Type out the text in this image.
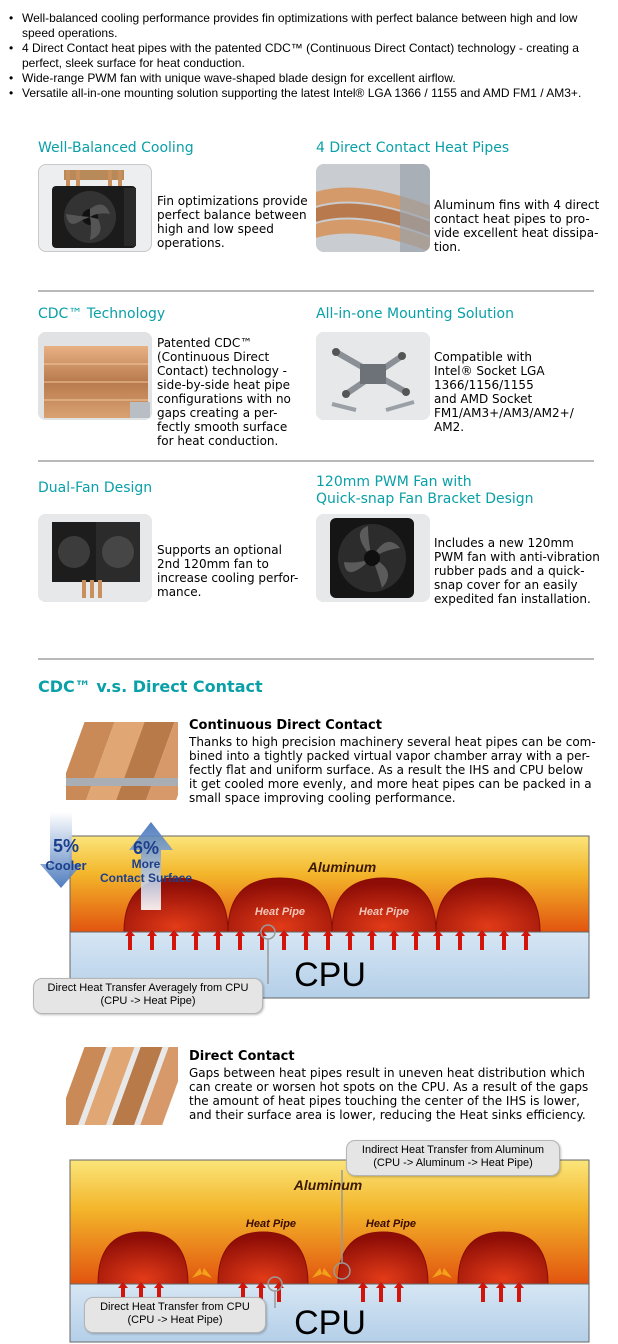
• Well-balanced cooling performance provides fin optimizations with perfect balance between high and low speed operations.
• 4 Direct Contact heat pipes with the patented CDC™ (Continuous Direct Contact) technology - creating a perfect, sleek surface for heat conduction.
• Wide-range PWM fan with unique wave-shaped blade design for excellent airflow.
• Versatile all-in-one mounting solution supporting the latest Intel® LGA 1366 / 1155 and AMD FM1 / AM3+.
Well-Balanced Cooling
Fin optimizations provide
perfect balance between
high and low speed
operations.
4 Direct Contact Heat Pipes
Aluminum fins with 4 direct
contact heat pipes to pro-
vide excellent heat dissipa-
tion.
CDC™ Technology
Patented CDC™
(Continuous Direct
Contact) technology -
side-by-side heat pipe
configurations with no
gaps creating a per-
fectly smooth surface
for heat conduction.
All-in-one Mounting Solution
Compatible with
Intel® Socket LGA
1366/1156/1155
and AMD Socket
FM1/AM3+/AM3/AM2+/
AM2.
Dual-Fan Design
Supports an optional
2nd 120mm fan to
increase cooling perfor-
mance.
120mm PWM Fan with
Quick-snap Fan Bracket Design
Includes a new 120mm
PWM fan with anti-vibration
rubber pads and a quick-
snap cover for an easily
expedited fan installation.
CDC™ v.s. Direct Contact
Continuous Direct Contact
Thanks to high precision machinery several heat pipes can be com-
bined into a tightly packed virtual vapor chamber array with a per-
fectly flat and uniform surface. As a result the IHS and CPU below
it get cooled more evenly, and more heat pipes can be packed in a
small space improving cooling performance.
5%
Cooler
6%
More
Contact Surface
Aluminum
Heat Pipe	Heat Pipe
CPU
Direct Heat Transfer Averagely from CPU
(CPU -> Heat Pipe)
Direct Contact
Gaps between heat pipes result in uneven heat distribution which
can create or worsen hot spots on the CPU. As a result of the gaps
the amount of heat pipes touching the center of the IHS is lower,
and their surface area is lower, reducing the Heat sinks efficiency.
Aluminum
Heat Pipe	Heat Pipe
CPU
Indirect Heat Transfer from Aluminum
(CPU -> Aluminum -> Heat Pipe)
Direct Heat Transfer from CPU
(CPU -> Heat Pipe)
